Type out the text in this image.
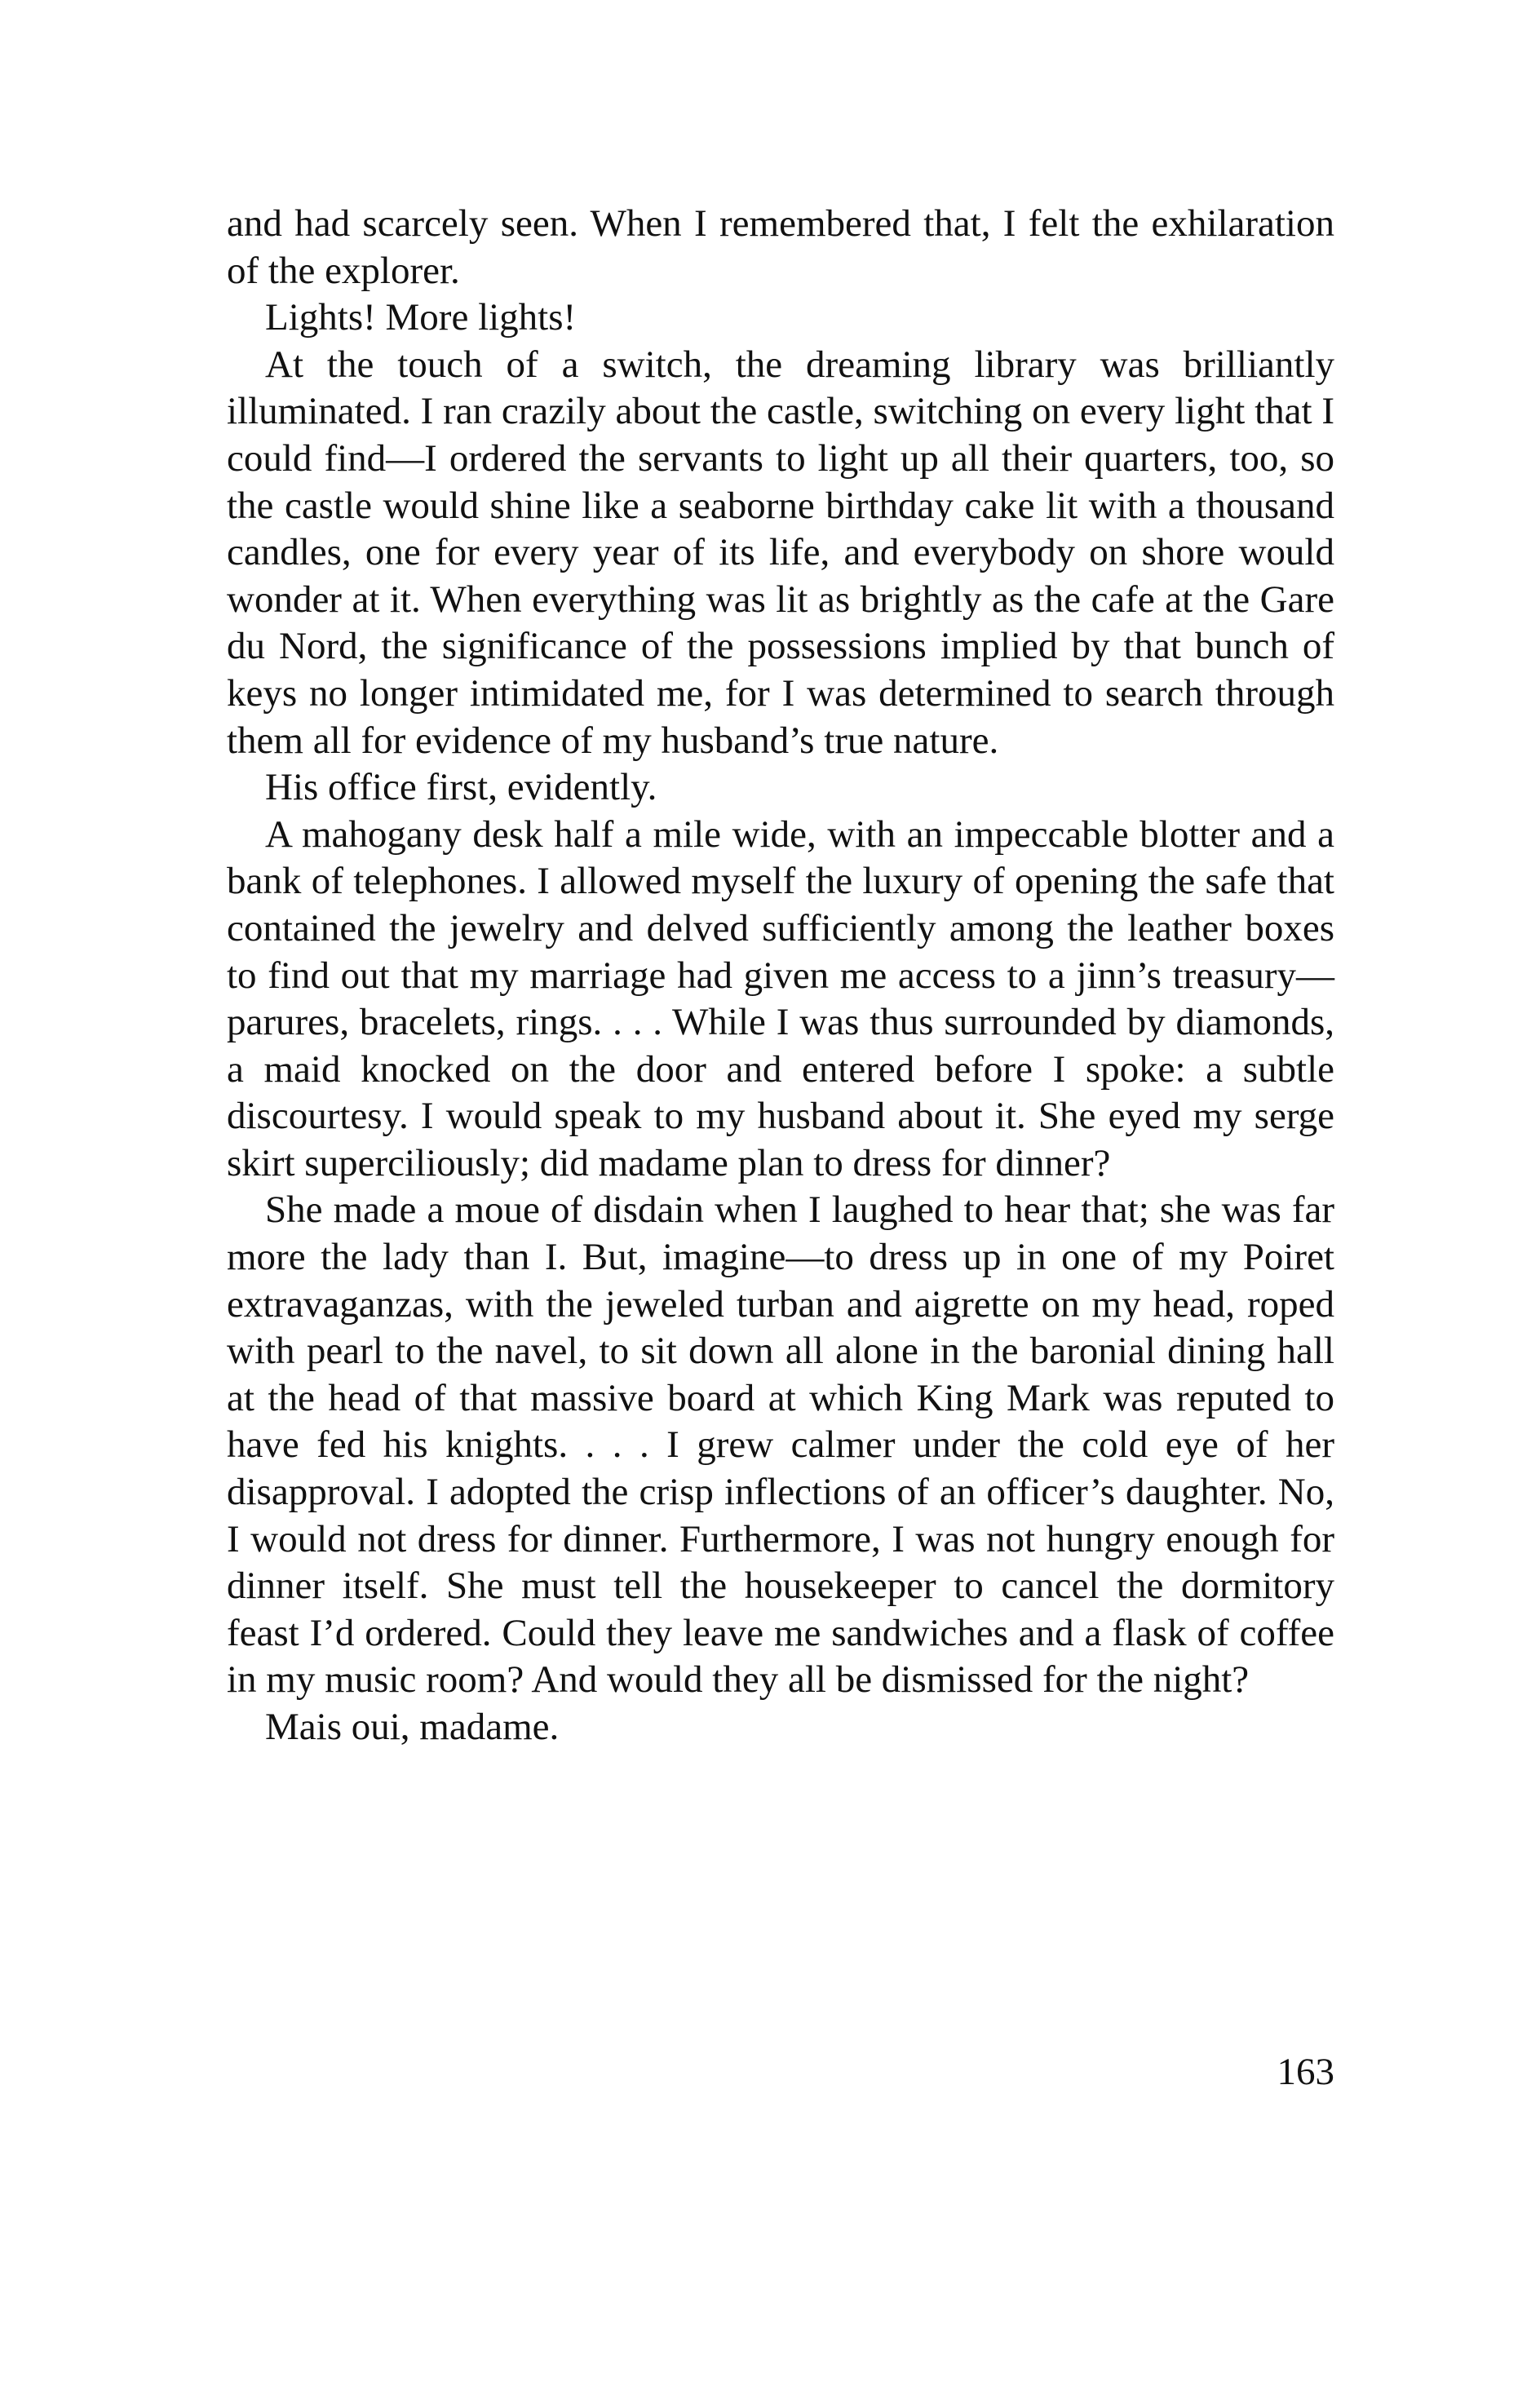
and had scarcely seen. When I remembered that, I felt the exhilaration of the explorer.

Lights! More lights!

At the touch of a switch, the dreaming library was brilliantly illuminated. I ran crazily about the castle, switching on every light that I could find—I ordered the servants to light up all their quarters, too, so the castle would shine like a seaborne birthday cake lit with a thousand candles, one for every year of its life, and everybody on shore would wonder at it. When everything was lit as brightly as the cafe at the Gare du Nord, the significance of the possessions implied by that bunch of keys no longer intimidated me, for I was determined to search through them all for evidence of my husband’s true nature.

His office first, evidently.

A mahogany desk half a mile wide, with an impeccable blotter and a bank of telephones. I allowed myself the luxury of opening the safe that contained the jewelry and delved sufficiently among the leather boxes to find out that my marriage had given me access to a jinn’s treasury—parures, bracelets, rings. . . . While I was thus surrounded by diamonds, a maid knocked on the door and entered before I spoke: a subtle discourtesy. I would speak to my husband about it. She eyed my serge skirt superciliously; did madame plan to dress for dinner?

She made a moue of disdain when I laughed to hear that; she was far more the lady than I. But, imagine—to dress up in one of my Poiret extravaganzas, with the jeweled turban and aigrette on my head, roped with pearl to the navel, to sit down all alone in the baronial dining hall at the head of that massive board at which King Mark was reputed to have fed his knights. . . . I grew calmer under the cold eye of her disapproval. I adopted the crisp inflections of an officer’s daughter. No, I would not dress for dinner. Furthermore, I was not hungry enough for dinner itself. She must tell the housekeeper to cancel the dormitory feast I’d ordered. Could they leave me sandwiches and a flask of coffee in my music room? And would they all be dismissed for the night?

Mais oui, madame.

163
